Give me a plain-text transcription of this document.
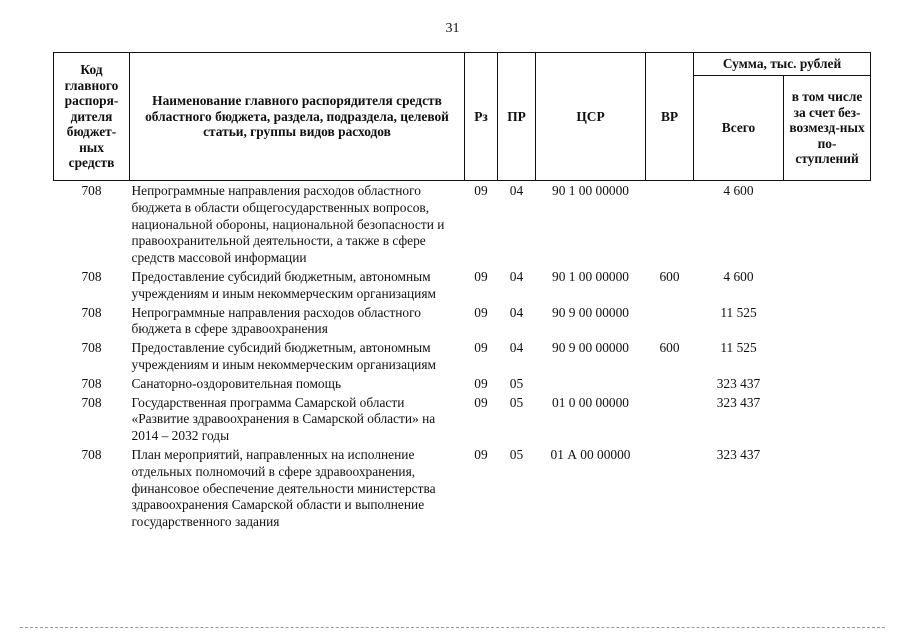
31
Код главного распоря-дителя бюджет-ных средств	Наименование главного распорядителя средств областного бюджета, раздела, подраздела, целевой статьи, группы видов расходов	Рз	ПР	ЦСР	ВР	Сумма, тыс. рублей	
						Всего	в том числе за счет без-возмезд-ных по-ступлений
708	Непрограммные направления расходов областного бюджета в области общегосударственных вопросов, национальной обороны, национальной безопасности и правоохранительной деятельности, а также в сфере средств массовой информации	09	04	90 1 00 00000		4 600	
708	Предоставление субсидий бюджетным, автономным учреждениям и иным некоммерческим организациям	09	04	90 1 00 00000	600	4 600	
708	Непрограммные направления расходов областного бюджета в сфере здравоохранения	09	04	90 9 00 00000		11 525	
708	Предоставление субсидий бюджетным, автономным учреждениям и иным некоммерческим организациям	09	04	90 9 00 00000	600	11 525	
708	Санаторно-оздоровительная помощь	09	05			323 437	
708	Государственная программа Самарской области «Развитие здравоохранения в Самарской области» на 2014 – 2032 годы	09	05	01 0 00 00000		323 437	
708	План мероприятий, направленных на исполнение отдельных полномочий в сфере здравоохранения, финансовое обеспечение деятельности министерства здравоохранения Самарской области и выполнение государственного задания	09	05	01 А 00 00000		323 437	
